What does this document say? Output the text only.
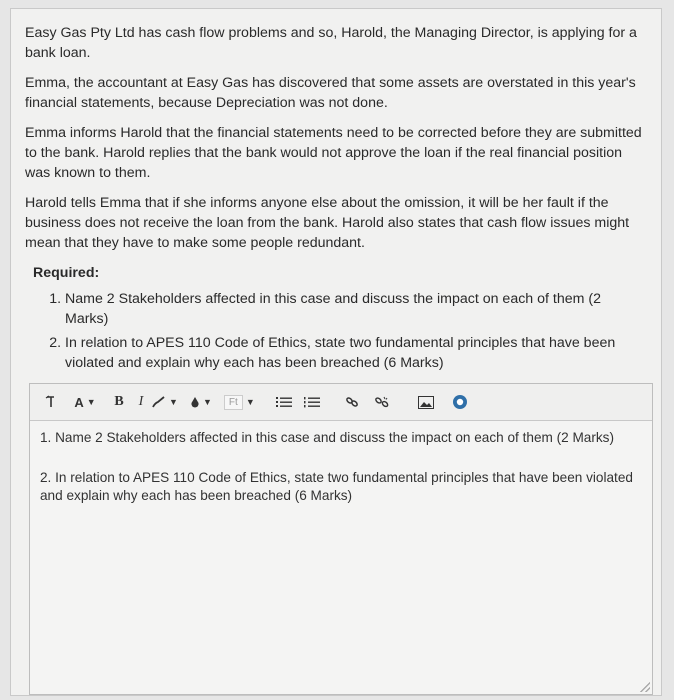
Easy Gas Pty Ltd has cash flow problems and so, Harold, the Managing Director, is applying for a bank loan.

Emma, the accountant at Easy Gas has discovered that some assets are overstated in this year's financial statements, because Depreciation was not done.

Emma informs Harold that the financial statements need to be corrected before they are submitted to the bank. Harold replies that the bank would not approve the loan if the real financial position was known to them.

Harold tells Emma that if she informs anyone else about the omission, it will be her fault if the business does not receive the loan from the bank. Harold also states that cash flow issues might mean that they have to make some people redundant.

Required:

1. Name 2 Stakeholders affected in this case and discuss the impact on each of them (2 Marks)
2. In relation to APES 110 Code of Ethics, state two fundamental principles that have been violated and explain why each has been breached (6 Marks)
A ▼	B	I	▼	▼	Ft ▼

1. Name 2 Stakeholders affected in this case and discuss the impact on each of them (2 Marks)

2. In relation to APES 110 Code of Ethics, state two fundamental principles that have been violated and explain why each has been breached (6 Marks)
